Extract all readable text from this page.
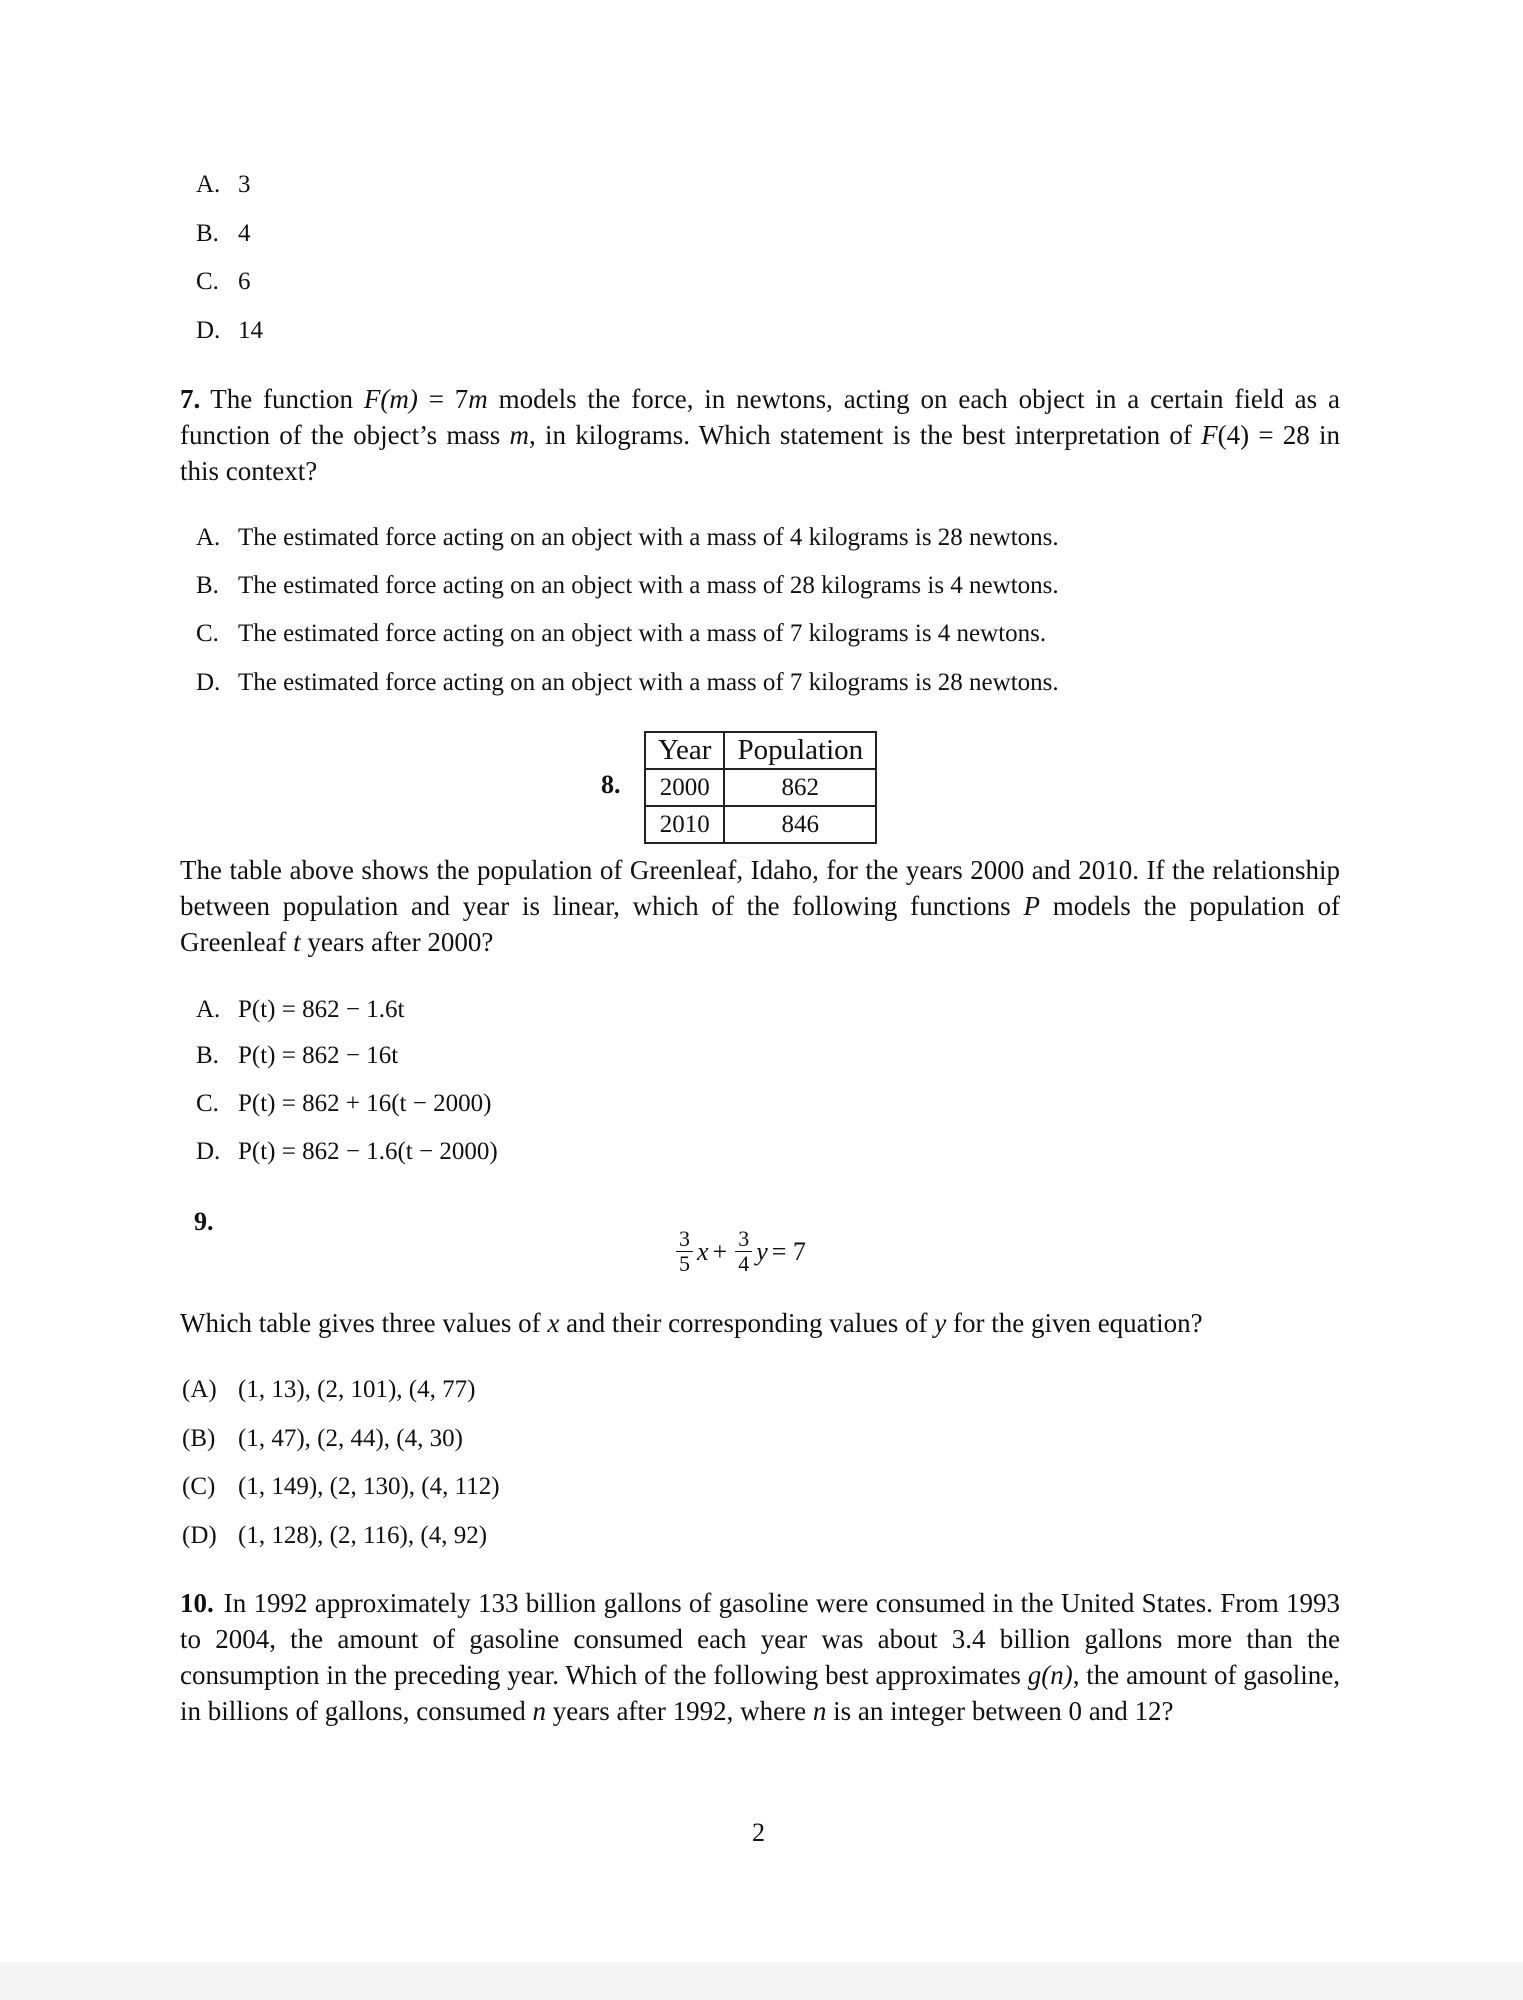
A. 3
B. 4
C. 6
D. 14
7. The function F(m) = 7m models the force, in newtons, acting on each object in a certain field as a function of the object’s mass m, in kilograms. Which statement is the best interpretation of F(4) = 28 in this context?
A. The estimated force acting on an object with a mass of 4 kilograms is 28 newtons.
B. The estimated force acting on an object with a mass of 28 kilograms is 4 newtons.
C. The estimated force acting on an object with a mass of 7 kilograms is 4 newtons.
D. The estimated force acting on an object with a mass of 7 kilograms is 28 newtons.
8.
Year	Population
2000	862
2010	846
The table above shows the population of Greenleaf, Idaho, for the years 2000 and 2010. If the relationship between population and year is linear, which of the following functions P models the population of Greenleaf t years after 2000?
A. P(t) = 862 − 1.6t
B. P(t) = 862 − 16t
C. P(t) = 862 + 16(t − 2000)
D. P(t) = 862 − 1.6(t − 2000)
9.
$\frac{3}{5}$ $x + \frac{3}{4}$ y = 7
Which table gives three values of x and their corresponding values of y for the given equation?
(A) (1, 13), (2, 101), (4, 77)
(B) (1, 47), (2, 44), (4, 30)
(C) (1, 149), (2, 130), (4, 112)
(D) (1, 128), (2, 116), (4, 92)
10. In 1992 approximately 133 billion gallons of gasoline were consumed in the United States. From 1993 to 2004, the amount of gasoline consumed each year was about 3.4 billion gallons more than the consumption in the preceding year. Which of the following best approximates g(n), the amount of gasoline, in billions of gallons, consumed n years after 1992, where n is an integer between 0 and 12?
2
